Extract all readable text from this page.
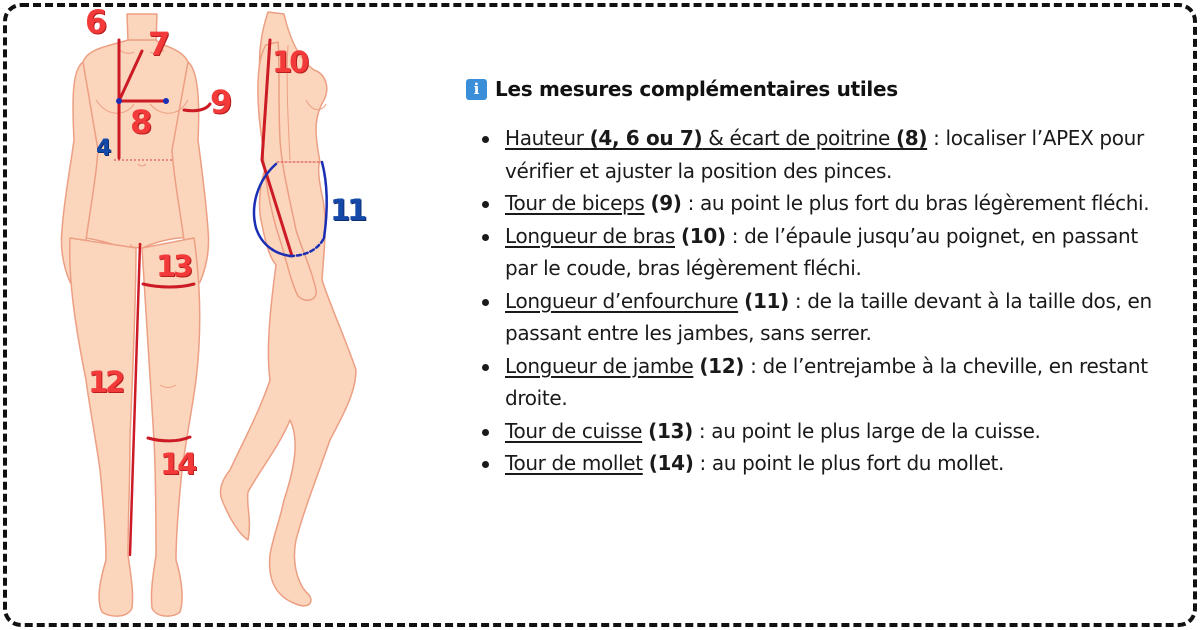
6
7
8
9
4
10
11
12
13
14
i Les mesures complémentaires utiles
Hauteur (4, 6 ou 7) & écart de poitrine (8) : localiser l’APEX pour vérifier et ajuster la position des pinces.
Tour de biceps (9) : au point le plus fort du bras légèrement fléchi.
Longueur de bras (10) : de l’épaule jusqu’au poignet, en passant par le coude, bras légèrement fléchi.
Longueur d’enfourchure (11) : de la taille devant à la taille dos, en passant entre les jambes, sans serrer.
Longueur de jambe (12) : de l’entrejambe à la cheville, en restant droite.
Tour de cuisse (13) : au point le plus large de la cuisse.
Tour de mollet (14) : au point le plus fort du mollet.
